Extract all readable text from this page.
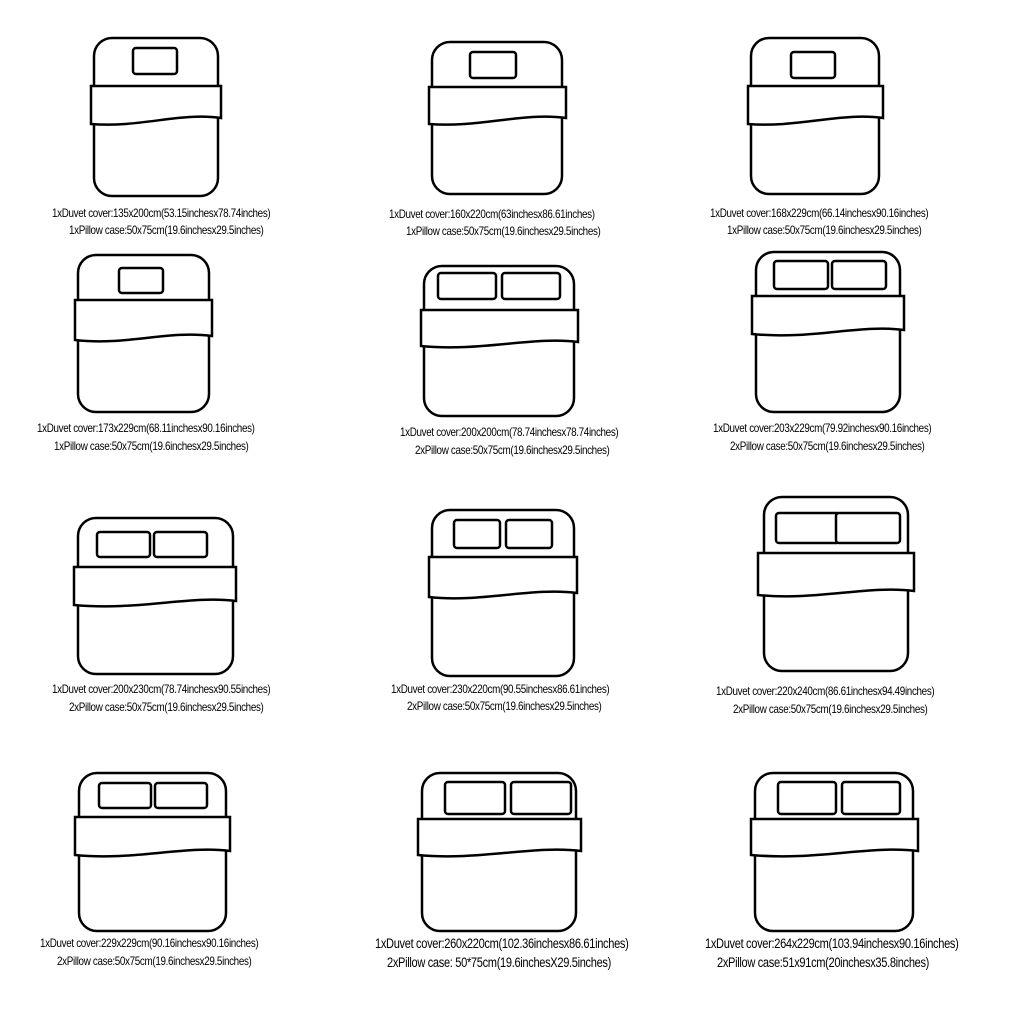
1xDuvet cover:135x200cm(53.15inchesx78.74inches)
1xPillow case:50x75cm(19.6inchesx29.5inches)
1xDuvet cover:160x220cm(63inchesx86.61inches)
1xPillow case:50x75cm(19.6inchesx29.5inches)
1xDuvet cover:168x229cm(66.14inchesx90.16inches)
1xPillow case:50x75cm(19.6inchesx29.5inches)
1xDuvet cover:173x229cm(68.11inchesx90.16inches)
1xPillow case:50x75cm(19.6inchesx29.5inches)
1xDuvet cover:200x200cm(78.74inchesx78.74inches)
2xPillow case:50x75cm(19.6inchesx29.5inches)
1xDuvet cover:203x229cm(79.92inchesx90.16inches)
2xPillow case:50x75cm(19.6inchesx29.5inches)
1xDuvet cover:200x230cm(78.74inchesx90.55inches)
2xPillow case:50x75cm(19.6inchesx29.5inches)
1xDuvet cover:230x220cm(90.55inchesx86.61inches)
2xPillow case:50x75cm(19.6inchesx29.5inches)
1xDuvet cover:220x240cm(86.61inchesx94.49inches)
2xPillow case:50x75cm(19.6inchesx29.5inches)
1xDuvet cover:229x229cm(90.16inchesx90.16inches)
2xPillow case:50x75cm(19.6inchesx29.5inches)
1xDuvet cover:260x220cm(102.36inchesx86.61inches)
2xPillow case: 50*75cm(19.6inchesX29.5inches)
1xDuvet cover:264x229cm(103.94inchesx90.16inches)
2xPillow case:51x91cm(20inchesx35.8inches)
